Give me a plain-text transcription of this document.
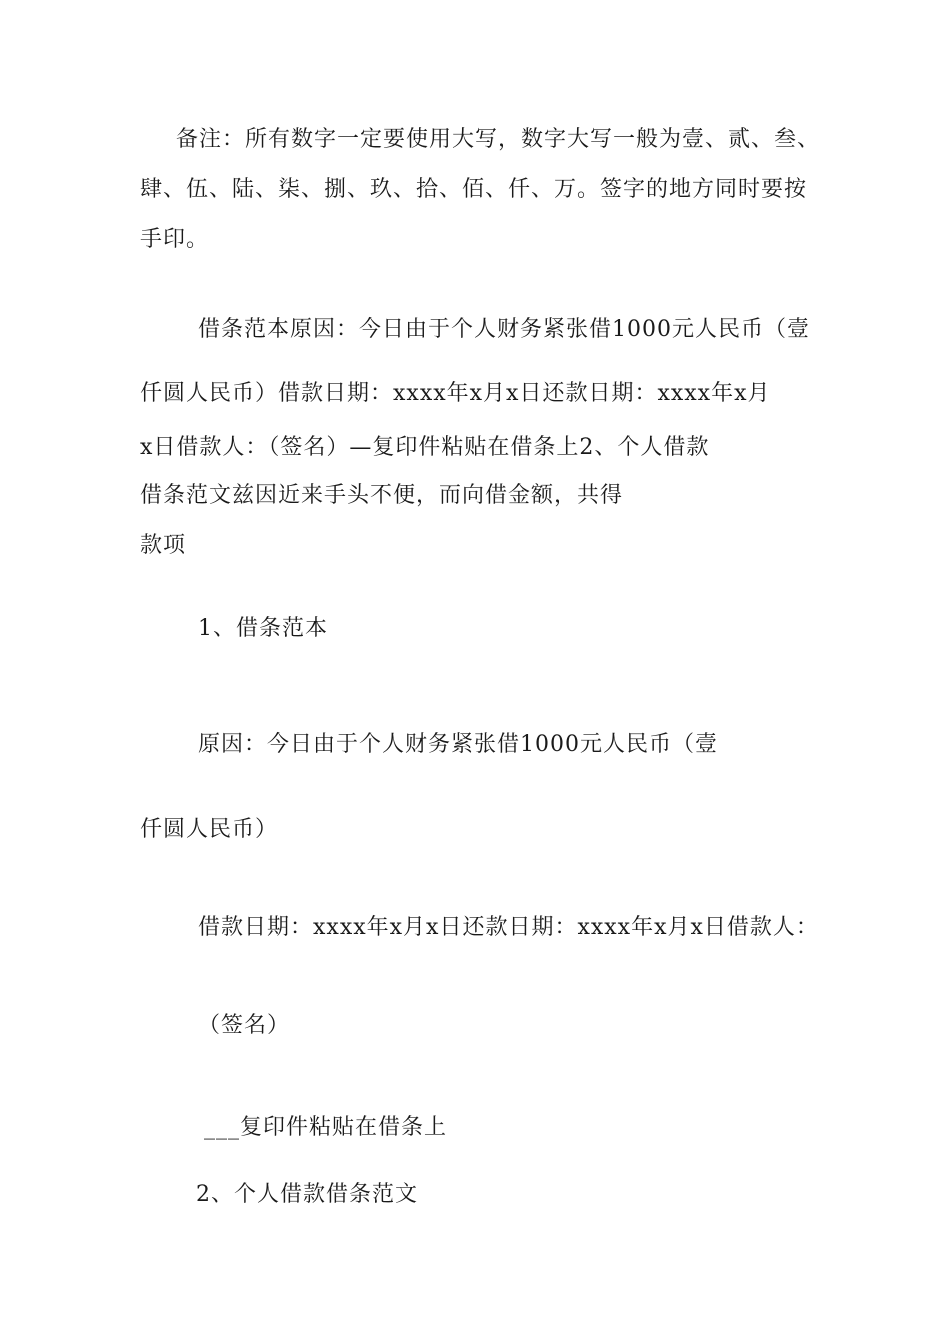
备注：所有数字一定要使用大写，数字大写一般为壹、贰、叁、
肆、伍、陆、柒、捌、玖、拾、佰、仟、万。签字的地方同时要按
手印。
借条范本原因：今日由于个人财务紧张借1000元人民币（壹
仟圆人民币）借款日期：xxxx年x月x日还款日期：xxxx年x月
x日借款人：（签名）—复印件粘贴在借条上2、个人借款
借条范文兹因近来手头不便，而向借金额，共得
款项
1、借条范本
原因：今日由于个人财务紧张借1000元人民币（壹
仟圆人民币）
借款日期：xxxx年x月x日还款日期：xxxx年x月x日借款人：
（签名）
___复印件粘贴在借条上
2、个人借款借条范文
